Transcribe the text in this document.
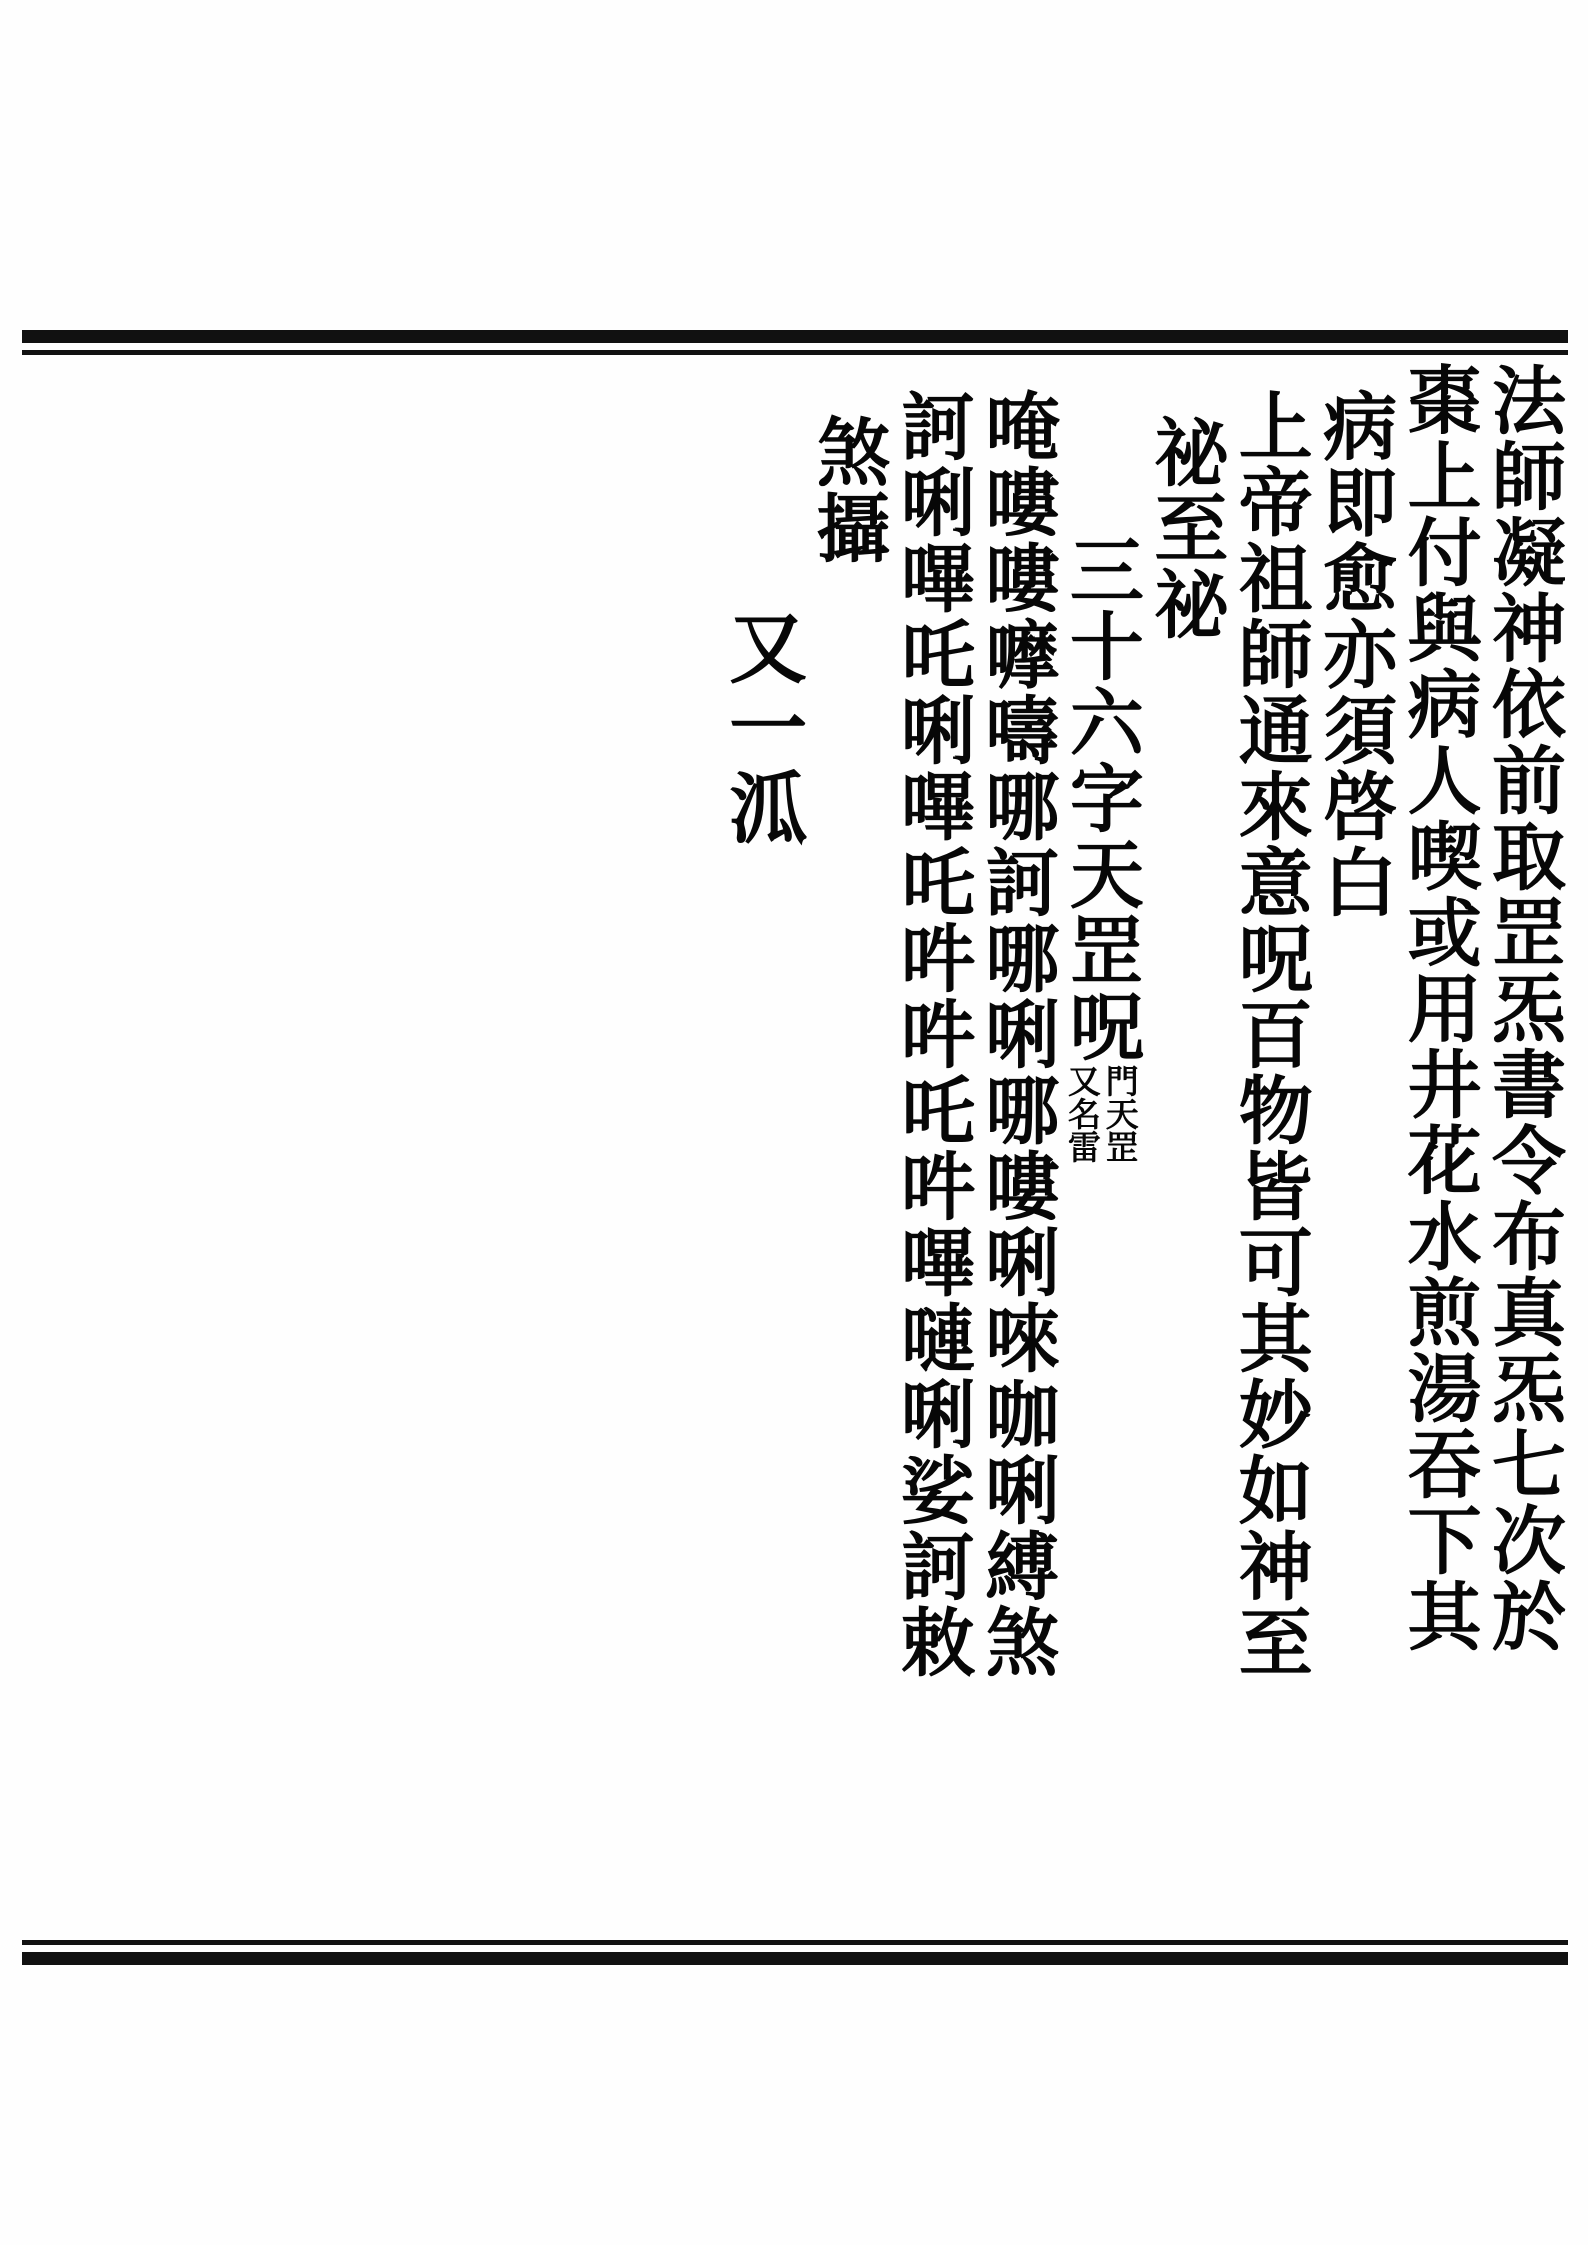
法師凝神依前取罡炁書令布真炁七次於
棗上付與病人喫或用井花水煎湯吞下其
病即愈亦須啓白
上帝祖師通來意呪百物皆可其妙如神至
祕至祕
三十六字天罡呪
又名雷
門天罡
唵嘍嘍嚤嚋哪訶哪唎哪嘍唎唻咖唎縛煞
訶唎嗶吒唎嗶吒吽吽吒吽嗶嗹唎娑訶敕
煞攝
又一泒
